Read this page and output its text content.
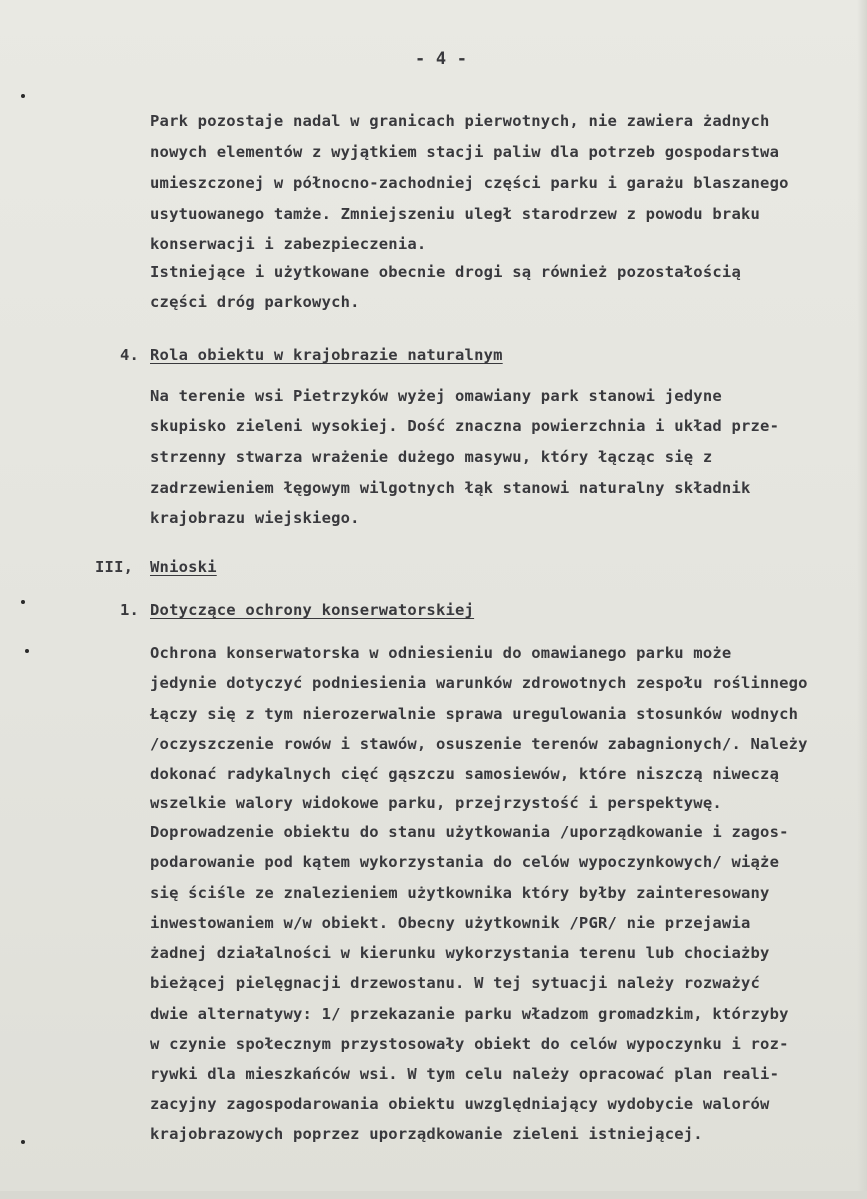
- 4 -
Park pozostaje nadal w granicach pierwotnych, nie zawiera żadnych
nowych elementów z wyjątkiem stacji paliw dla potrzeb gospodarstwa
umieszczonej w północno-zachodniej części parku i garażu blaszanego
usytuowanego tamże. Zmniejszeniu uległ starodrzew z powodu braku
konserwacji i zabezpieczenia.
Istniejące i użytkowane obecnie drogi są również pozostałością
części dróg parkowych.
4. Rola obiektu w krajobrazie naturalnym
Na terenie wsi Pietrzyków wyżej omawiany park stanowi jedyne
skupisko zieleni wysokiej. Dość znaczna powierzchnia i układ prze-
strzenny stwarza wrażenie dużego masywu, który łącząc się z
zadrzewieniem łęgowym wilgotnych łąk stanowi naturalny składnik
krajobrazu wiejskiego.
III, Wnioski
1. Dotyczące ochrony konserwatorskiej
Ochrona konserwatorska w odniesieniu do omawianego parku może
jedynie dotyczyć podniesienia warunków zdrowotnych zespołu roślinnego
Łączy się z tym nierozerwalnie sprawa uregulowania stosunków wodnych
/oczyszczenie rowów i stawów, osuszenie terenów zabagnionych/. Należy
dokonać radykalnych cięć gąszczu samosiewów, które niszczą niweczą
wszelkie walory widokowe parku, przejrzystość i perspektywę.
Doprowadzenie obiektu do stanu użytkowania /uporządkowanie i zagos-
podarowanie pod kątem wykorzystania do celów wypoczynkowych/ wiąże
się ściśle ze znalezieniem użytkownika który byłby zainteresowany
inwestowaniem w/w obiekt. Obecny użytkownik /PGR/ nie przejawia
żadnej działalności w kierunku wykorzystania terenu lub chociażby
bieżącej pielęgnacji drzewostanu. W tej sytuacji należy rozważyć
dwie alternatywy: 1/ przekazanie parku władzom gromadzkim, którzyby
w czynie społecznym przystosowały obiekt do celów wypoczynku i roz-
rywki dla mieszkańców wsi. W tym celu należy opracować plan reali-
zacyjny zagospodarowania obiektu uwzględniający wydobycie walorów
krajobrazowych poprzez uporządkowanie zieleni istniejącej.
